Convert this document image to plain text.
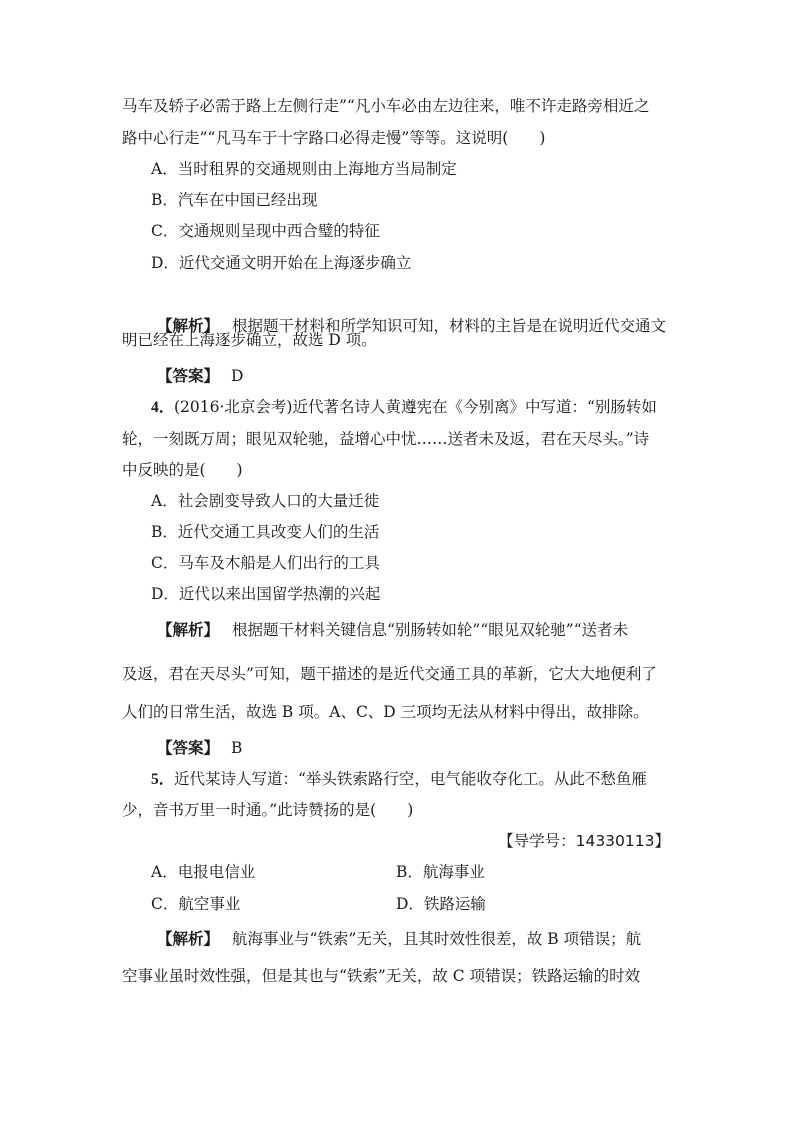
马车及轿子必需于路上左侧行走”“凡小车必由左边往来，唯不许走路旁相近之
路中心行走”“凡马车于十字路口必得走慢”等等。这说明(　　)
A．当时租界的交通规则由上海地方当局制定
B．汽车在中国已经出现
C．交通规则呈现中西合璧的特征
D．近代交通文明开始在上海逐步确立
【解析】 根据题干材料和所学知识可知，材料的主旨是在说明近代交通文
明已经在上海逐步确立，故选 D 项。
【答案】 D
4． (2016·北京会考)近代著名诗人黄遵宪在《今别离》中写道：“别肠转如
轮，一刻既万周；眼见双轮驰，益增心中忧……送者未及返，君在天尽头。”诗
中反映的是(　　)
A．社会剧变导致人口的大量迁徙
B．近代交通工具改变人们的生活
C．马车及木船是人们出行的工具
D．近代以来出国留学热潮的兴起
【解析】 根据题干材料关键信息“别肠转如轮”“眼见双轮驰”“送者未
及返，君在天尽头”可知，题干描述的是近代交通工具的革新，它大大地便利了
人们的日常生活，故选 B 项。A、C、D 三项均无法从材料中得出，故排除。
【答案】 B
5． 近代某诗人写道：“举头铁索路行空，电气能收夺化工。从此不愁鱼雁
少，音书万里一时通。”此诗赞扬的是(　　)
【导学号：14330113】
A．电报电信业	B．航海事业
C．航空事业	D．铁路运输
【解析】 航海事业与“铁索”无关，且其时效性很差，故 B 项错误；航
空事业虽时效性强，但是其也与“铁索”无关，故 C 项错误；铁路运输的时效
